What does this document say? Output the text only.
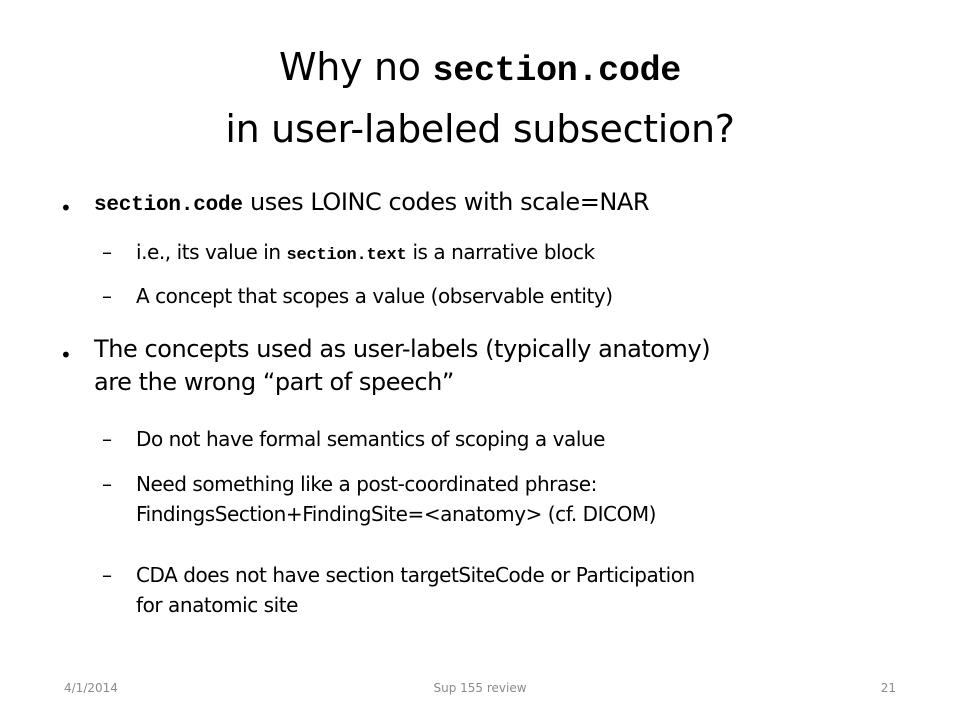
Why no section.code
in user-labeled subsection?
• section.code uses LOINC codes with scale=NAR

– i.e., its value in section.text is a narrative block

– A concept that scopes a value (observable entity)

• The concepts used as user-labels (typically anatomy)
are the wrong “part of speech”

– Do not have formal semantics of scoping a value

– Need something like a post-coordinated phrase:
FindingsSection+FindingSite=<anatomy> (cf. DICOM)

– CDA does not have section targetSiteCode or Participation
for anatomic site

4/1/2014	Sup 155 review	21
